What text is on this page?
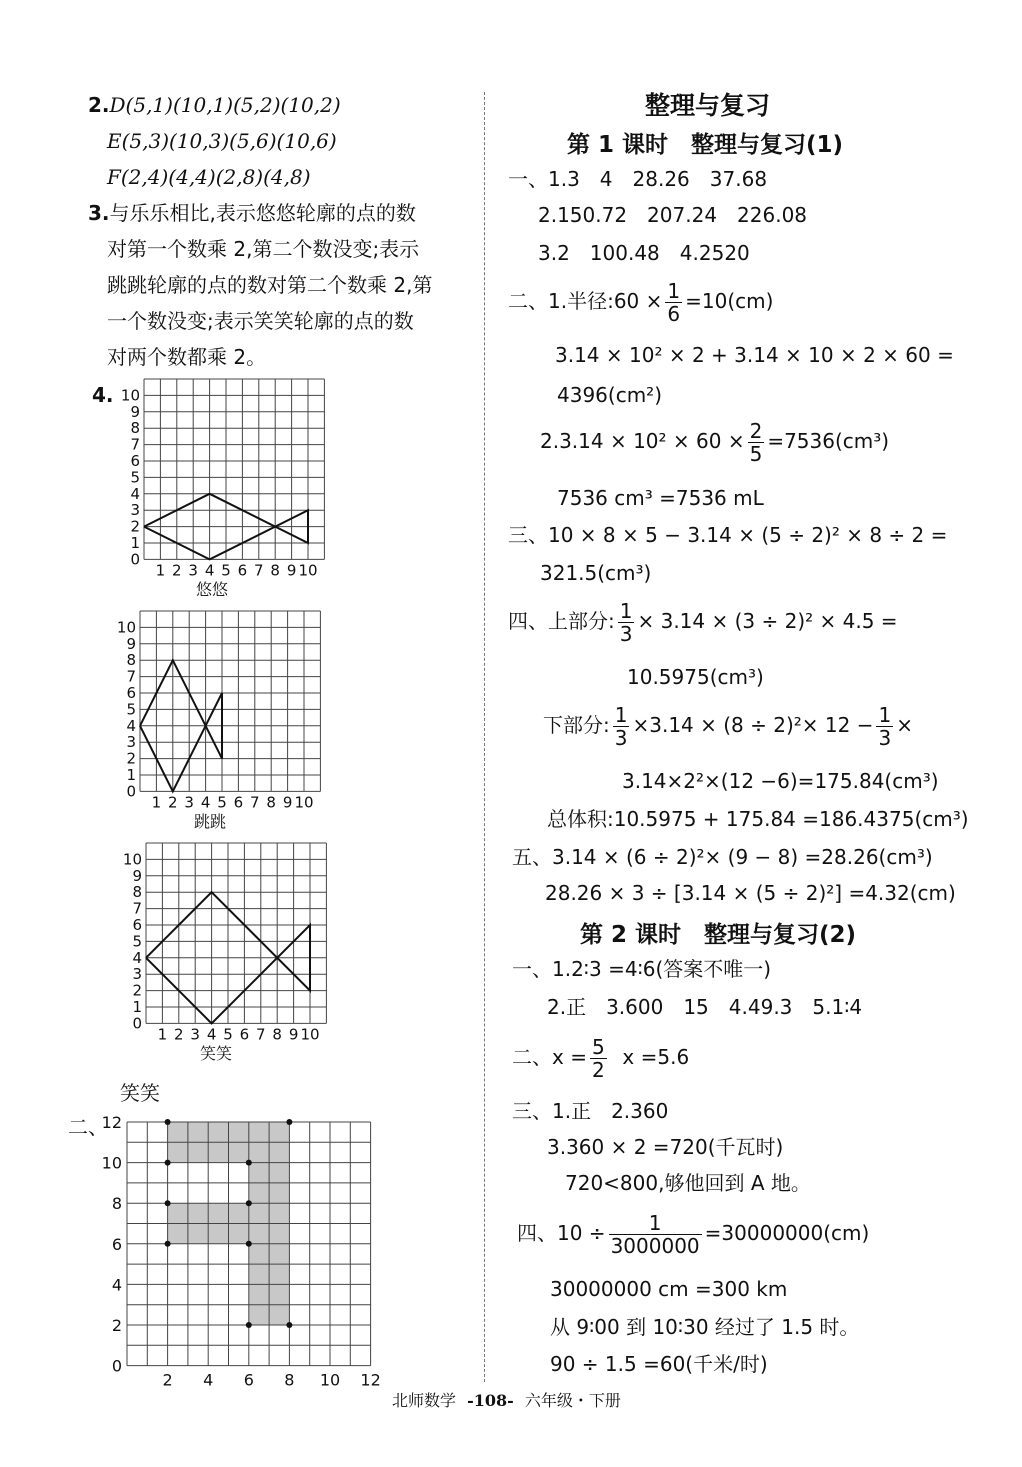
2.D(5,1)(10,1)(5,2)(10,2)
E(5,3)(10,3)(5,6)(10,6)
F(2,4)(4,4)(2,8)(4,8)
3.与乐乐相比,表示悠悠轮廓的点的数
对第一个数乘 2,第二个数没变;表示
跳跳轮廓的点的数对第二个数乘 2,第
一个数没变;表示笑笑轮廓的点的数
对两个数都乘 2。
4.
笑笑
二、
整理与复习
第 1 课时　整理与复习(1)
一、1.3　4　28.26　37.68
2.150.72　207.24　226.08
3.2　100.48　4.2520
二、1.半径:60 × $\frac{1}{6} =10(cm)$
3.14 × 10² × 2 + 3.14 × 10 × 2 × 60 =
4396(cm²)
$2.3.14 \times 10^2 \times 60 \times \frac{2}{5} =7536(cm^3)$
7536 cm³ =7536 mL
三、10 × 8 × 5 − 3.14 × (5 ÷ 2)² × 8 ÷ 2 =
321.5(cm³)
四、上部分: $\frac{1}{3} \times 3.14 \times (3 \div 2)^2 \times 4.5$ =
10.5975(cm³)
下部分: $\frac{1}{3} \times 3.14 \times (8 \div 2)^2\times 12 - \frac{1}{3}$ ×
3.14×2²×(12 −6)=175.84(cm³)
总体积:10.5975 + 175.84 =186.4375(cm³)
五、3.14 × (6 ÷ 2)²× (9 − 8) =28.26(cm³)
28.26 × 3 ÷ [3.14 × (5 ÷ 2)²] =4.32(cm)
第 2 课时　整理与复习(2)
一、1.2∶3 =4∶6(答案不唯一)
2.正　3.600　15　4.49.3　5.1∶4
二、$x = \frac{5}{2}$ x =5.6
三、1.正　2.360
3.360 × 2 =720(千瓦时)
720<800,够他回到 A 地。
四、$10 \div \frac{1}{3000000} =30000000(cm)$
30000000 cm =300 km
从 9∶00 到 10∶30 经过了 1.5 时。
90 ÷ 1.5 =60(千米/时)
北师数学 -108- 六年级・下册
10
9
8
7
6
5
4
3
2
1
0
1 2 3 4 5 6 7 8 9 10
悠悠
10
9
8
7
6
5
4
3
2
1
0
1 2 3 4 5 6 7 8 9 10
跳跳
10
9
8
7
6
5
4
3
2
1
0
1 2 3 4 5 6 7 8 9 10
笑笑
12
10
8
6
4
2
0
2 4 6 8 10 12
